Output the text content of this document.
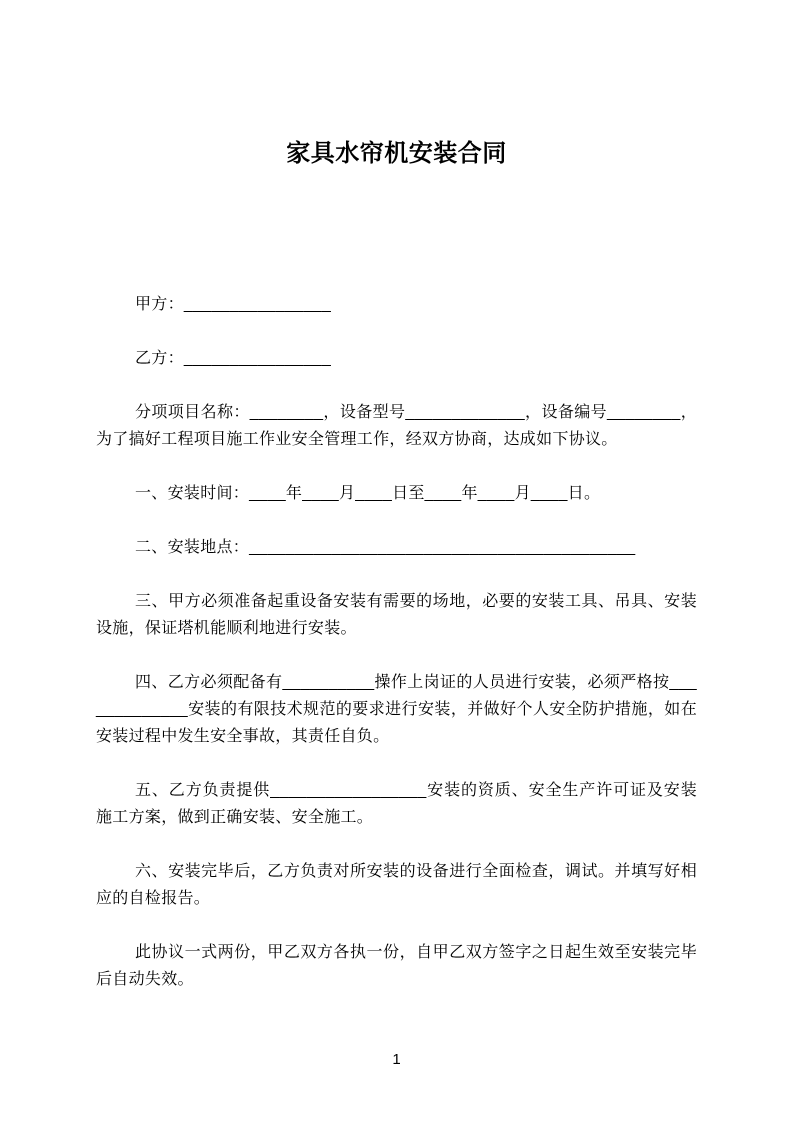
家具水帘机安装合同

甲方：________________

乙方：________________

分项项目名称：________，设备型号_____________，设备编号________，为了搞好工程项目施工作业安全管理工作，经双方协商，达成如下协议。

一、安装时间：____年____月____日至____年____月____日。

二、安装地点：__________________________________________

三、甲方必须准备起重设备安装有需要的场地，必要的安装工具、吊具、安装设施，保证塔机能顺利地进行安装。

四、乙方必须配备有__________操作上岗证的人员进行安装，必须严格按_____________安装的有限技术规范的要求进行安装，并做好个人安全防护措施，如在安装过程中发生安全事故，其责任自负。

五、乙方负责提供_________________安装的资质、安全生产许可证及安装施工方案，做到正确安装、安全施工。

六、安装完毕后，乙方负责对所安装的设备进行全面检查，调试。并填写好相应的自检报告。

此协议一式两份，甲乙双方各执一份，自甲乙双方签字之日起生效至安装完毕后自动失效。

1
